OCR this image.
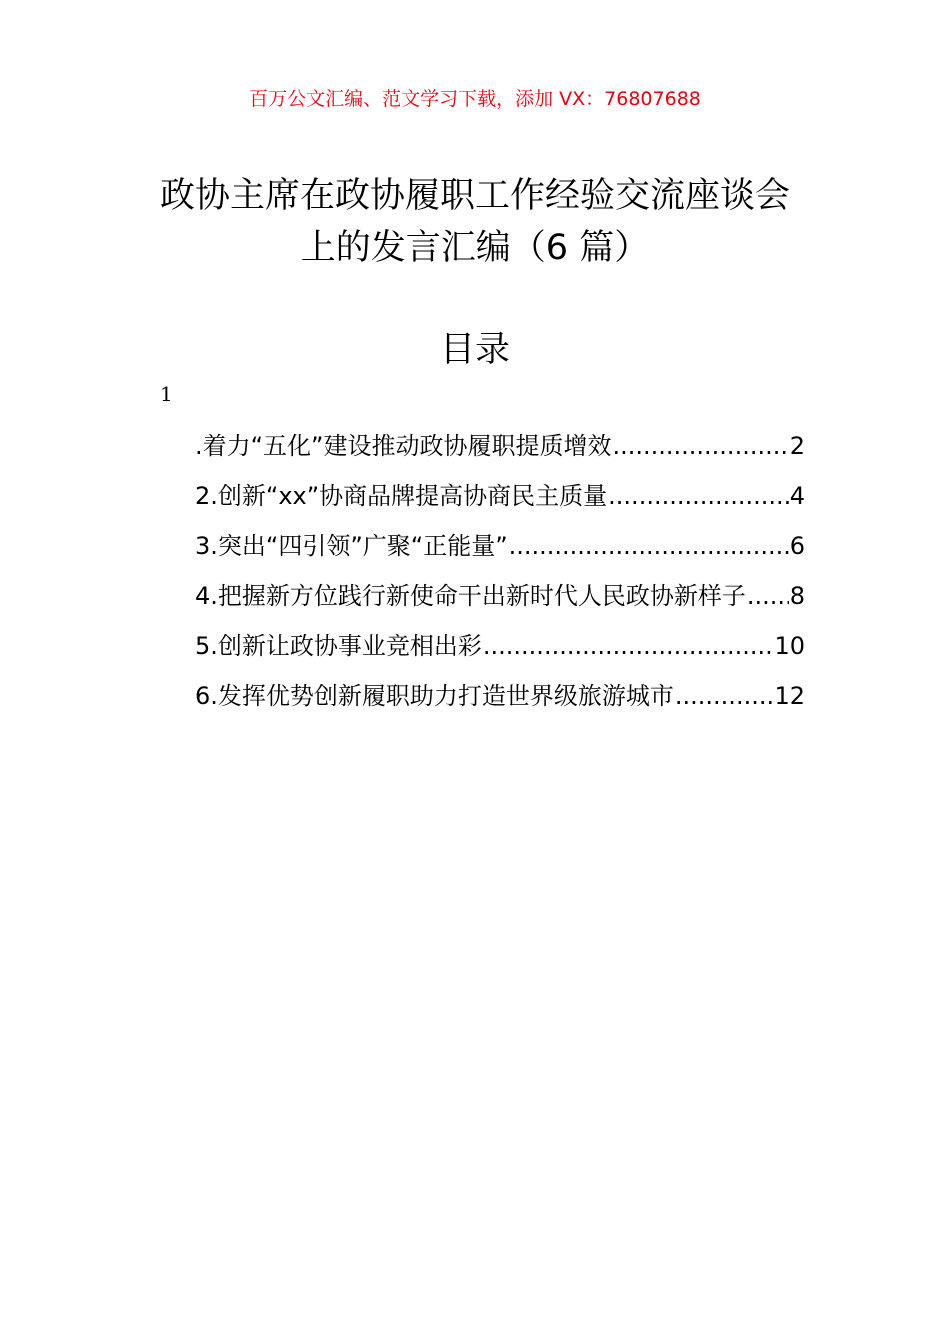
百万公文汇编、范文学习下载，添加 VX：76807688
政协主席在政协履职工作经验交流座谈会
上的发言汇编（6 篇）
目录
1
.着力“五化”建设推动政协履职提质增效 .....	2
2.创新“xx”协商品牌提高协商民主质量 .....	4
3.突出“四引领”广聚“正能量” .....	6
4.把握新方位践行新使命干出新时代人民政协新样子 ..... 8
5.创新让政协事业竞相出彩 .....	10
6.发挥优势创新履职助力打造世界级旅游城市 .....	12
